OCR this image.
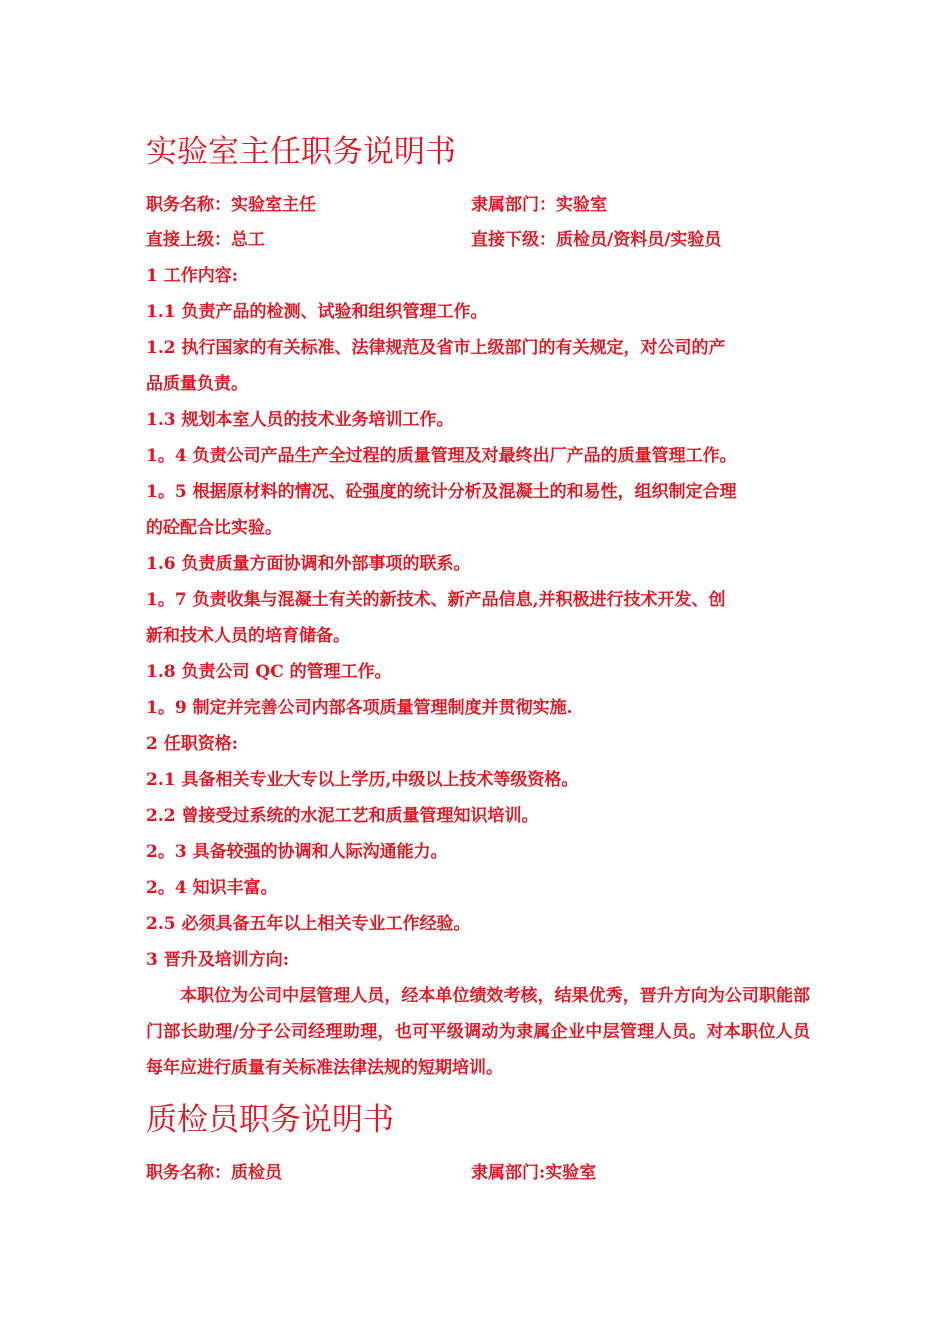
实验室主任职务说明书
职务名称：实验室主任	隶属部门：实验室
直接上级：总工	直接下级：质检员/资料员/实验员
1 工作内容:
1.1 负责产品的检测、试验和组织管理工作。
1.2 执行国家的有关标准、法律规范及省市上级部门的有关规定，对公司的产
品质量负责。
1.3 规划本室人员的技术业务培训工作。
1。4 负责公司产品生产全过程的质量管理及对最终出厂产品的质量管理工作。
1。5 根据原材料的情况、砼强度的统计分析及混凝土的和易性，组织制定合理
的砼配合比实验。
1.6 负责质量方面协调和外部事项的联系。
1。7 负责收集与混凝土有关的新技术、新产品信息,并积极进行技术开发、创
新和技术人员的培育储备。
1.8 负责公司 QC 的管理工作。
1。9 制定并完善公司内部各项质量管理制度并贯彻实施.
2 任职资格:
2.1 具备相关专业大专以上学历,中级以上技术等级资格。
2.2 曾接受过系统的水泥工艺和质量管理知识培训。
2。3 具备较强的协调和人际沟通能力。
2。4 知识丰富。
2.5 必须具备五年以上相关专业工作经验。
3 晋升及培训方向:
本职位为公司中层管理人员，经本单位绩效考核，结果优秀，晋升方向为公司职能部门部长助理/分子公司经理助理，也可平级调动为隶属企业中层管理人员。对本职位人员每年应进行质量有关标准法律法规的短期培训。
质检员职务说明书
职务名称：质检员	隶属部门:实验室
